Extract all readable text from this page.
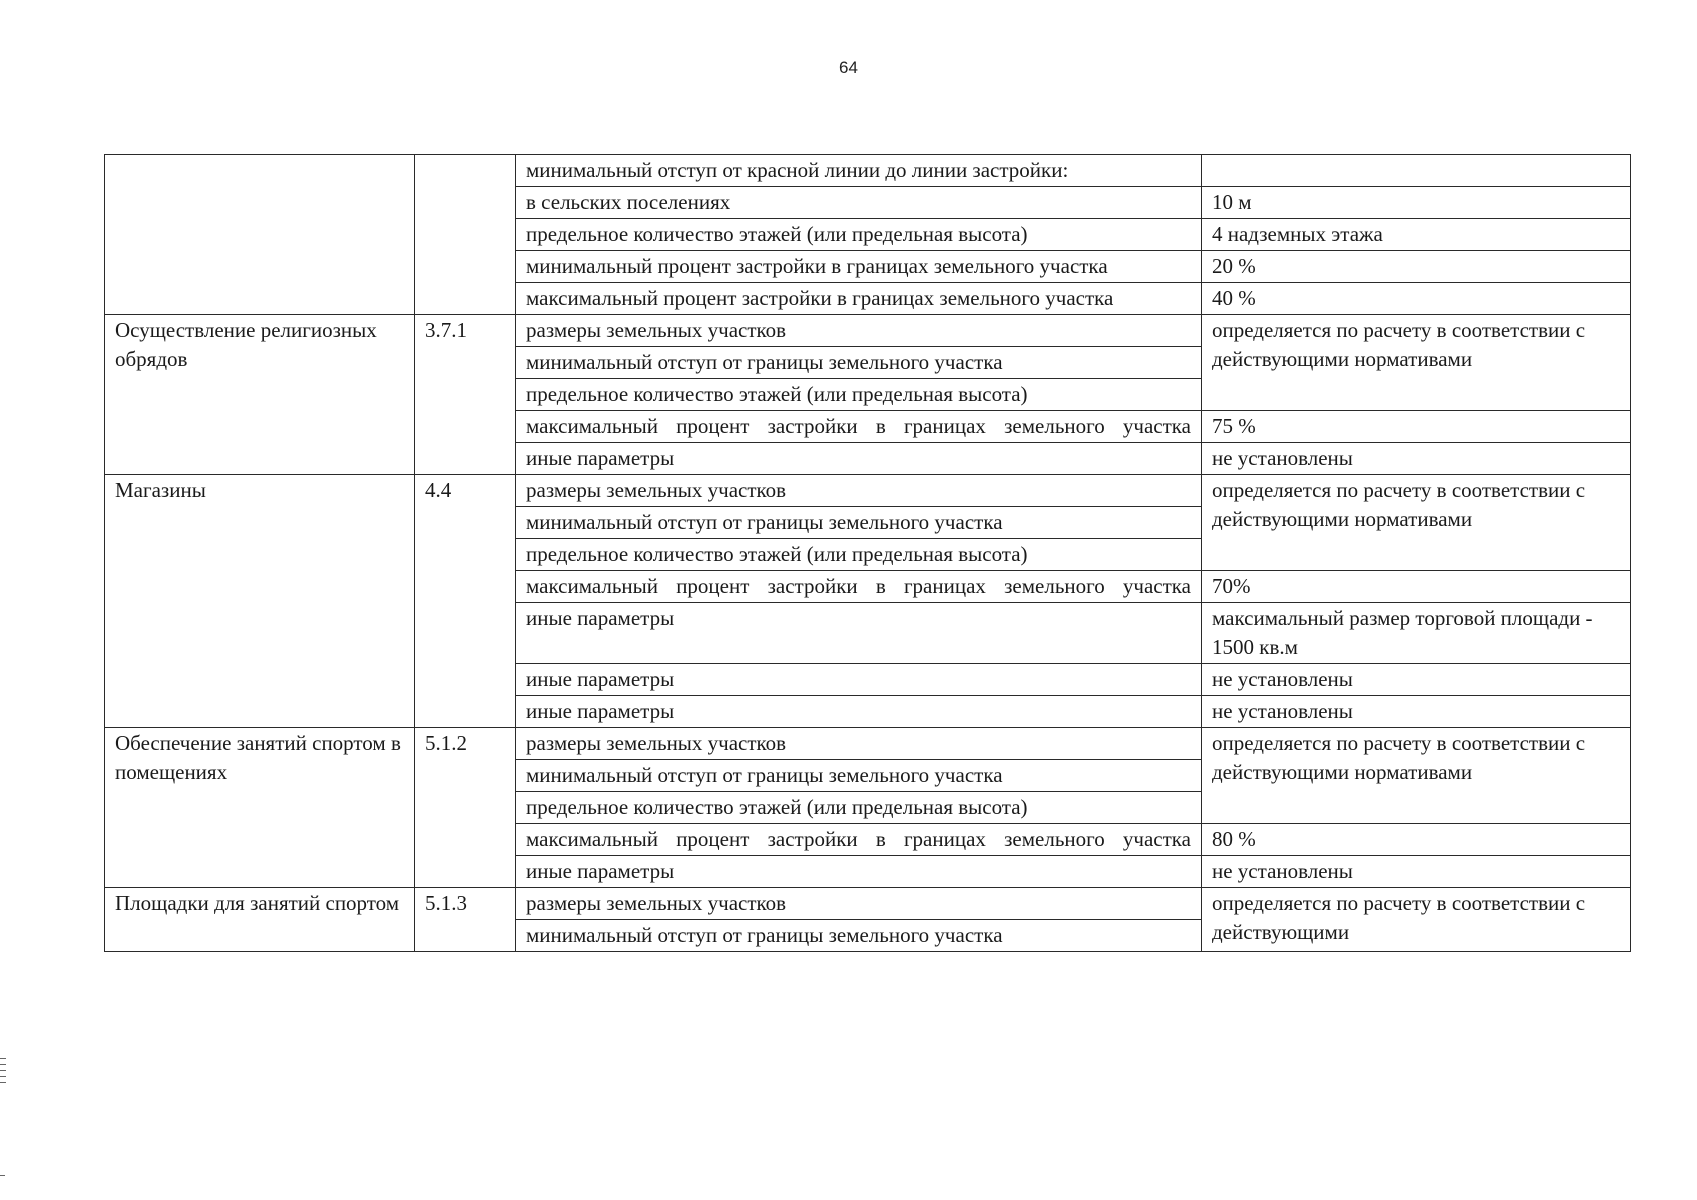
64
		минимальный отступ от красной линии до линии застройки:	
		в сельских поселениях	10 м
		предельное количество этажей (или предельная высота)	4 надземных этажа
		минимальный процент застройки в границах земельного участка	20 %
		максимальный процент застройки в границах земельного участка	40 %
Осуществление религиозных обрядов	3.7.1	размеры земельных участков	определяется по расчету в соответствии с действующими нормативами
		минимальный отступ от границы земельного участка	
		предельное количество этажей (или предельная высота)	
		максимальный процент застройки в границах земельного участка	75 %
		иные параметры	не установлены
Магазины	4.4	размеры земельных участков	определяется по расчету в соответствии с действующими нормативами
		минимальный отступ от границы земельного участка	
		предельное количество этажей (или предельная высота)	
		максимальный процент застройки в границах земельного участка	70%
		иные параметры	максимальный размер торговой площади - 1500 кв.м
		иные параметры	не установлены
		иные параметры	не установлены
Обеспечение занятий спортом в помещениях	5.1.2	размеры земельных участков	определяется по расчету в соответствии с действующими нормативами
		минимальный отступ от границы земельного участка	
		предельное количество этажей (или предельная высота)	
		максимальный процент застройки в границах земельного участка	80 %
		иные параметры	не установлены
Площадки для занятий спортом	5.1.3	размеры земельных участков	определяется по расчету в соответствии с действующими
		минимальный отступ от границы земельного участка	
